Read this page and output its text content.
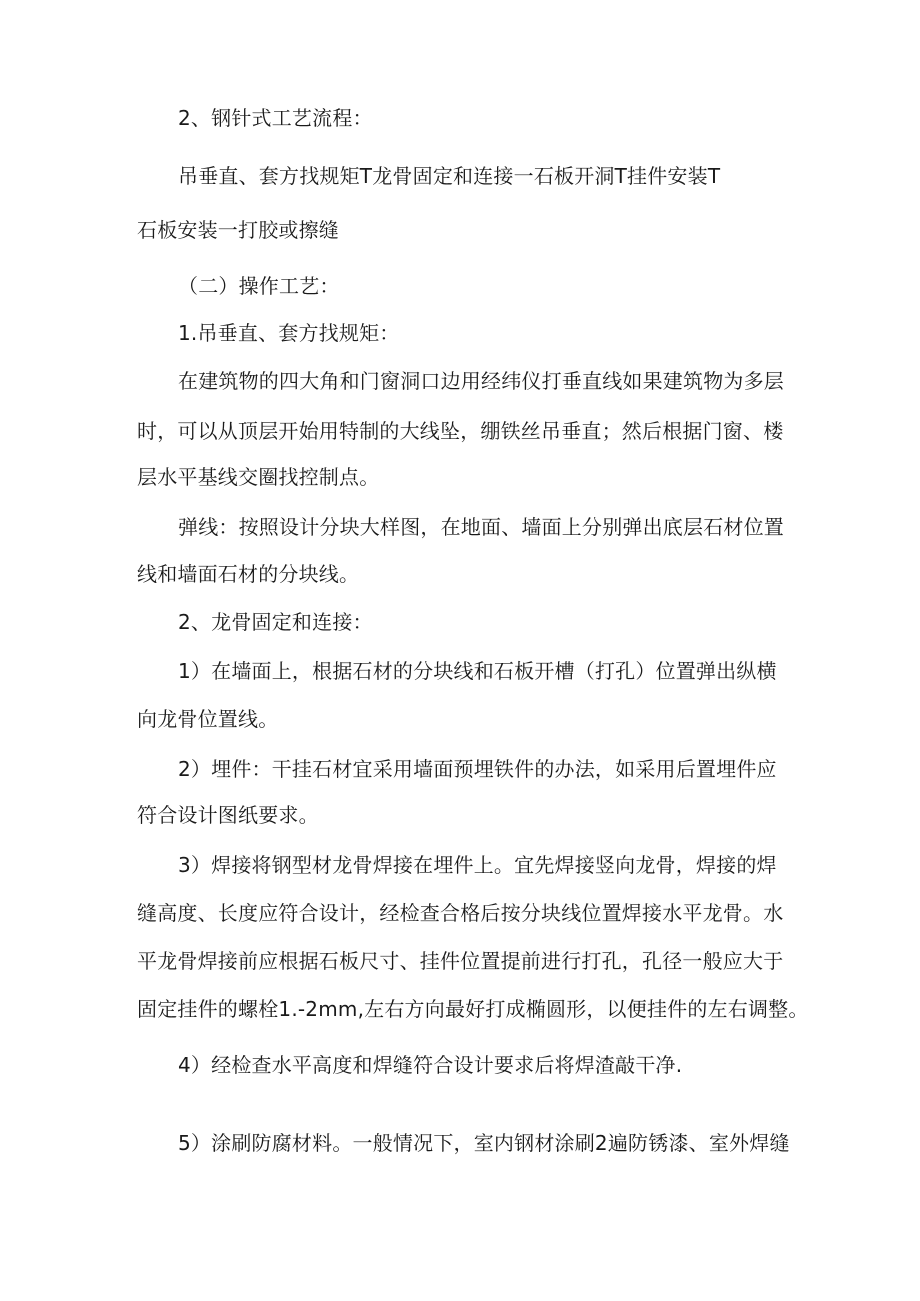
2、钢针式工艺流程：

吊垂直、套方找规矩T龙骨固定和连接一石板开洞T挂件安装T

石板安装一打胶或擦缝

（二）操作工艺：

1.吊垂直、套方找规矩：

在建筑物的四大角和门窗洞口边用经纬仪打垂直线如果建筑物为多层

时，可以从顶层开始用特制的大线坠，绷铁丝吊垂直；然后根据门窗、楼

层水平基线交圈找控制点。

弹线：按照设计分块大样图，在地面、墙面上分别弹出底层石材位置

线和墙面石材的分块线。

2、龙骨固定和连接：

1）在墙面上，根据石材的分块线和石板开槽（打孔）位置弹出纵横

向龙骨位置线。

2）埋件：干挂石材宜采用墙面预埋铁件的办法，如采用后置埋件应

符合设计图纸要求。

3）焊接将钢型材龙骨焊接在埋件上。宜先焊接竖向龙骨，焊接的焊

缝高度、长度应符合设计，经检查合格后按分块线位置焊接水平龙骨。水

平龙骨焊接前应根据石板尺寸、挂件位置提前进行打孔，孔径一般应大于

固定挂件的螺栓1.-2mm,左右方向最好打成椭圆形，以便挂件的左右调整。

4）经检查水平高度和焊缝符合设计要求后将焊渣敲干净.

5）涂刷防腐材料。一般情况下，室内钢材涂刷2遍防锈漆、室外焊缝
